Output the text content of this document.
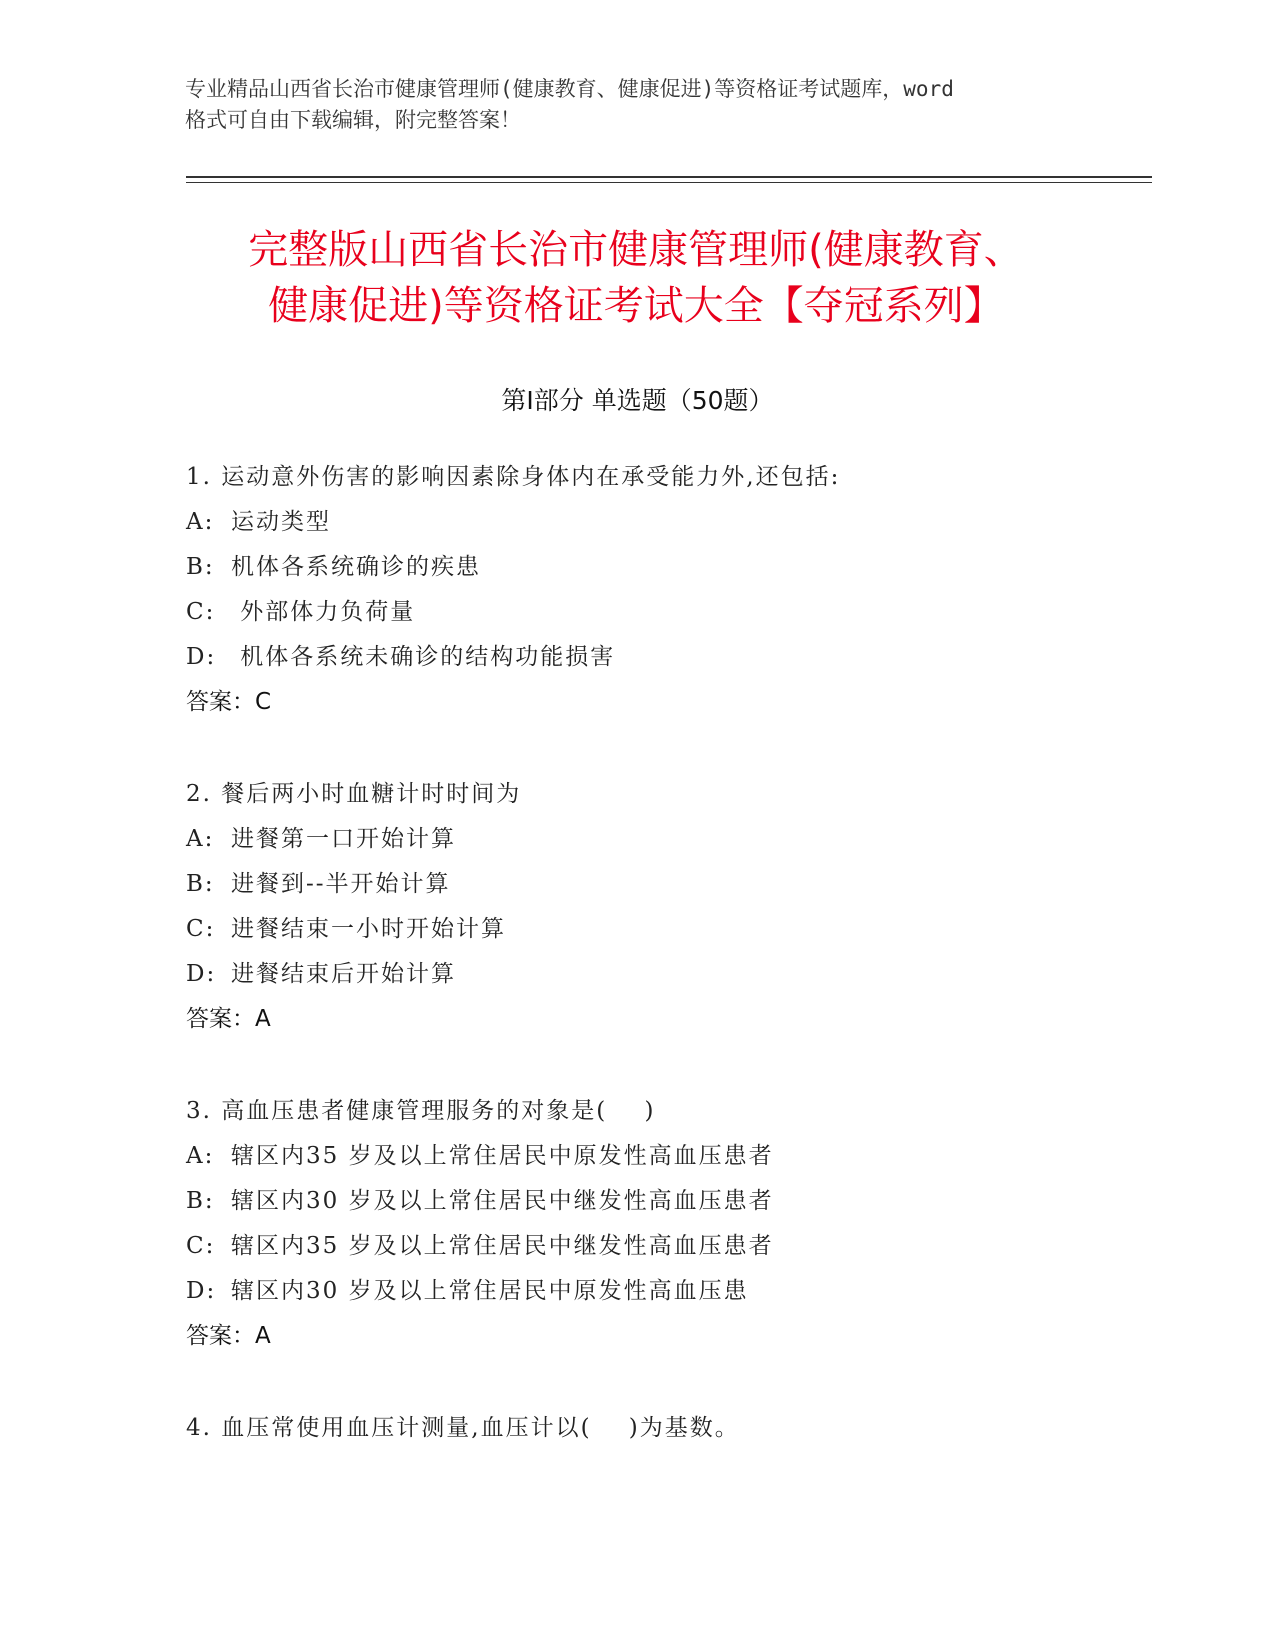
专业精品山西省长治市健康管理师(健康教育、健康促进)等资格证考试题库，word
格式可自由下载编辑，附完整答案！
完整版山西省长治市健康管理师(健康教育、
健康促进)等资格证考试大全【夺冠系列】
第Ⅰ部分 单选题（50题）
1. 运动意外伤害的影响因素除身体内在承受能力外,还包括:
A: 运动类型
B: 机体各系统确诊的疾患
C: 外部体力负荷量
D: 机体各系统未确诊的结构功能损害
答案：C
2. 餐后两小时血糖计时时间为
A: 进餐第一口开始计算
B: 进餐到--半开始计算
C: 进餐结束一小时开始计算
D: 进餐结束后开始计算
答案：A
3. 高血压患者健康管理服务的对象是(    )
A: 辖区内35 岁及以上常住居民中原发性高血压患者
B: 辖区内30 岁及以上常住居民中继发性高血压患者
C: 辖区内35 岁及以上常住居民中继发性高血压患者
D: 辖区内30 岁及以上常住居民中原发性高血压患
答案：A
4. 血压常使用血压计测量,血压计以(    )为基数。
